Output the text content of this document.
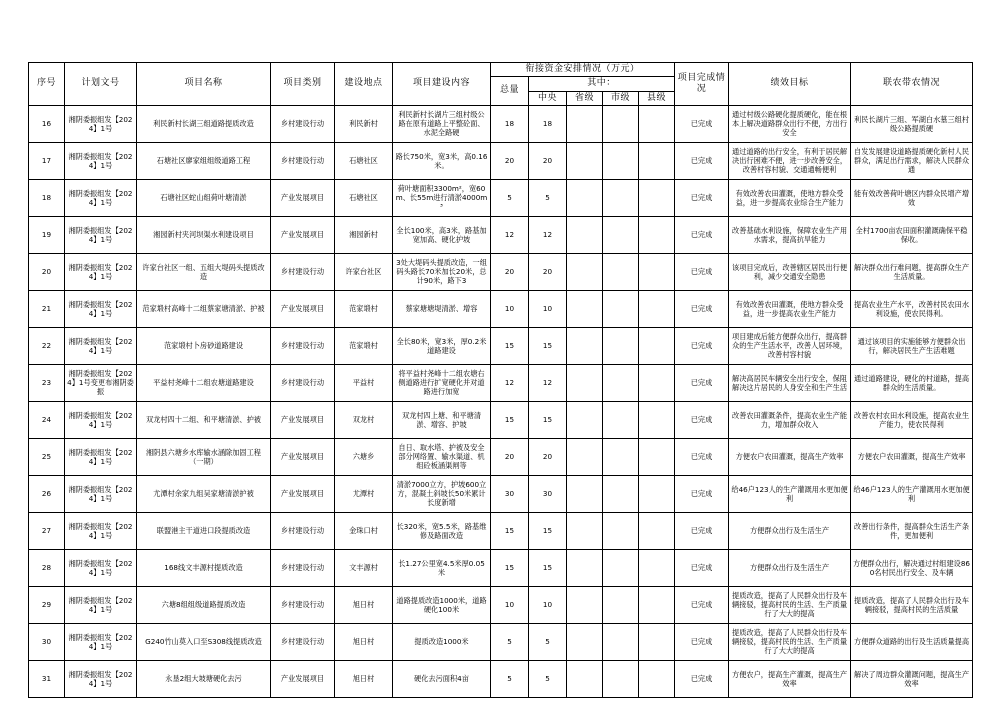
序号	计划文号	项目名称	项目类别	建设地点	项目建设内容	衔接资金安排情况（万元）					项目完成情况	绩效目标	联农带农情况
						总量	其中：						
							中央	省级	市级	县级			
16	湘阴委振组发【2024】1号	利民新村长湖三组道路提质改造	乡村建设行动	利民新村	利民新村长湖片三组村级公路在原有道路上平整砼面、水泥全路硬	18	18				已完成	通过村级公路硬化提质硬化，能在根本上解决道路群众出行不便，方出行安全	利民长湖片三组、军湖白水墓三组村级公路提质硬
17	湘阴委振组发【2024】1号	石塘社区廖家组组级道路工程	乡村建设行动	石塘社区	路长750米，宽3米，高0.16米。	20	20				已完成	通过道路的出行安全，有利于居民解决出行困难不便，进一步改善安全，改善村容村貌、交通通畅便利	自发发展建设道路提质硬化新村人民群众，满足出行需求，解决人民群众通
18	湘阴委振组发【2024】1号	石塘社区蛇山组荷叶塘清淤	产业发展项目	石塘社区	荷叶塘面积3300m²，宽60m、长55m进行清淤4000m³	5	5				已完成	有效改善农田灌溉，使地方群众受益，进一步提高农业综合生产能力	能有效改善荷叶塘区内群众民增产增效
19	湘阴委振组发【2024】1号	湘园新村夹河坝渠水利建设项目	产业发展项目	湘园新村	全长100米，高3米，路基加宽加高、硬化护坡	12	12				已完成	改善基础水利设施，保障农业生产用水需求，提高抗旱能力	全村1700亩农田面积灌溉确保平稳保收。
20	湘阴委振组发【2024】1号	许家台社区一组、五组大堤码头提质改造	乡村建设行动	许家台社区	3处大堤码头提质改造，一组码头路长70米加长20米，总计90米，路下3	20	20				已完成	该项目完成后，改善辖区居民出行便利，减少交通安全隐患	解决群众出行难问题，提高群众生产生活质量。
21	湘阴委振组发【2024】1号	范家塅村高峰十二组蔡家塘清淤、护被	产业发展项目	范家塅村	蔡家塘塘堤清淤、增容	10	10				已完成	有效改善农田灌溉，使地方群众受益，进一步提高农业生产能力	提高农业生产水平，改善村民农田水利设施，使农民得利。
22	湘阴委振组发【2024】1号	范家塅村卜房砂道路建设	乡村建设行动	范家塅村	全长80米，宽3米，厚0.2米道路建设	15	15				已完成	项目建成后能方便群众出行，提高群众的生产生活水平，改善人居环境，改善村容村貌	通过该项目的实施能够方便群众出行，解决居民生产生活难题
23	湘阴委振组发【2024】1号变更布湘阴委振	平益村尧峰十二组农塘道路建设	乡村建设行动	平益村	将平益村尧峰十二组农塘右侧道路进行扩宽硬化并对道路进行加宽	12	12				已完成	解决高居民车辆安全出行安全，保阻解决这片居民的人身安全和生产生活	通过道路建设，硬化的村道路，提高群众的生活质量。
24	湘阴委振组发【2024】1号	双龙村四十二组、和平塘清淤、护被	产业发展项目	双龙村	双龙村四上塘、和平塘清淤、增容、护坡	15	15				已完成	改善农田灌溉条件，提高农业生产能力，增加群众收入	改善农村农田水利设施，提高农业生产能力，使农民得利
25	湘阴委振组发【2024】1号	湘阴县六塘乡水库输水涵除加固工程（一期）	产业发展项目	六塘乡	自日、取水塔、护被及安全部分网络置、输水渠道、机组砼板涵渠闸等	20	20				已完成	方便农户农田灌溉，提高生产效率	方便农户农田灌溉，提高生产效率
26	湘阴委振组发【2024】1号	尤潭村余家九组吴家塘清淤护被	产业发展项目	尤潭村	清淤7000立方，护坡600立方，混凝土斜坡长50米累计长度新增	30	30				已完成	给46户123人的生产灌溉用水更加便利	给46户123人的生产灌溉用水更加便利
27	湘阴委振组发【2024】1号	联盟港主干道进口段提质改造	乡村建设行动	金珠口村	长320米，宽5.5米，路基维修及路面改造	15	15				已完成	方便群众出行及生活生产	改善出行条件，提高群众生活生产条件，更加便利
28	湘阴委振组发【2024】1号	168线文丰源村提质改造	乡村建设行动	文丰源村	长1.27公里宽4.5米厚0.05米	15	15				已完成	方便群众出行及生活生产	方便群众出行，解决通过村组建设860名村民出行安全、及车辆
29	湘阴委振组发【2024】1号	六塘8组组级道路提质改造	乡村建设行动	旭日村	道路提质改造1000米，道路硬化100米	10	10				已完成	提质改造，提高了人民群众出行及车辆接驳，提高村民的生活、生产质量行了大大的提高	提质改造，提高了人民群众出行及车辆接驳，提高村民的生活质量
30	湘阴委振组发【2024】1号	G240竹山莫入口至S308线提质改造	乡村建设行动	旭日村	提质改造1000米	5	5				已完成	提质改造，提高了人民群众出行及车辆接驳，提高村民的生活、生产质量行了大大的提高	方便群众道路的出行及生活质量提高
31	湘阴委振组发【2024】1号	永垦2组大坡塘硬化去污	产业发展项目	旭日村	硬化去污面积4亩	5	5				已完成	方便农户，提高生产灌溉，提高生产效率	解决了周边群众灌溉问题，提高生产效率
